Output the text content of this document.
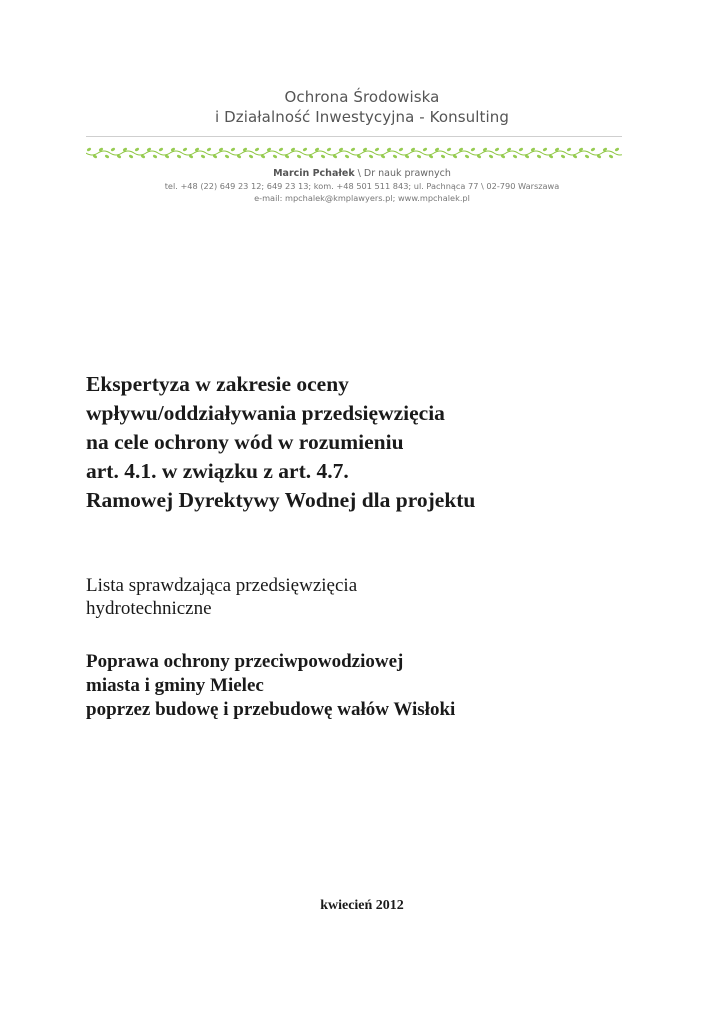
Ochrona Środowiska
i Działalność Inwestycyjna - Konsulting
Marcin Pchałek \ Dr nauk prawnych
tel. +48 (22) 649 23 12; 649 23 13; kom. +48 501 511 843; ul. Pachnąca 77 \ 02-790 Warszawa
e-mail: mpchalek@kmplawyers.pl; www.mpchalek.pl
Ekspertyza w zakresie oceny
wpływu/oddziaływania przedsięwzięcia
na cele ochrony wód w rozumieniu
art. 4.1. w związku z art. 4.7.
Ramowej Dyrektywy Wodnej dla projektu
Lista sprawdzająca przedsięwzięcia
hydrotechniczne
Poprawa ochrony przeciwpowodziowej
miasta i gminy Mielec
poprzez budowę i przebudowę wałów Wisłoki
kwiecień 2012
